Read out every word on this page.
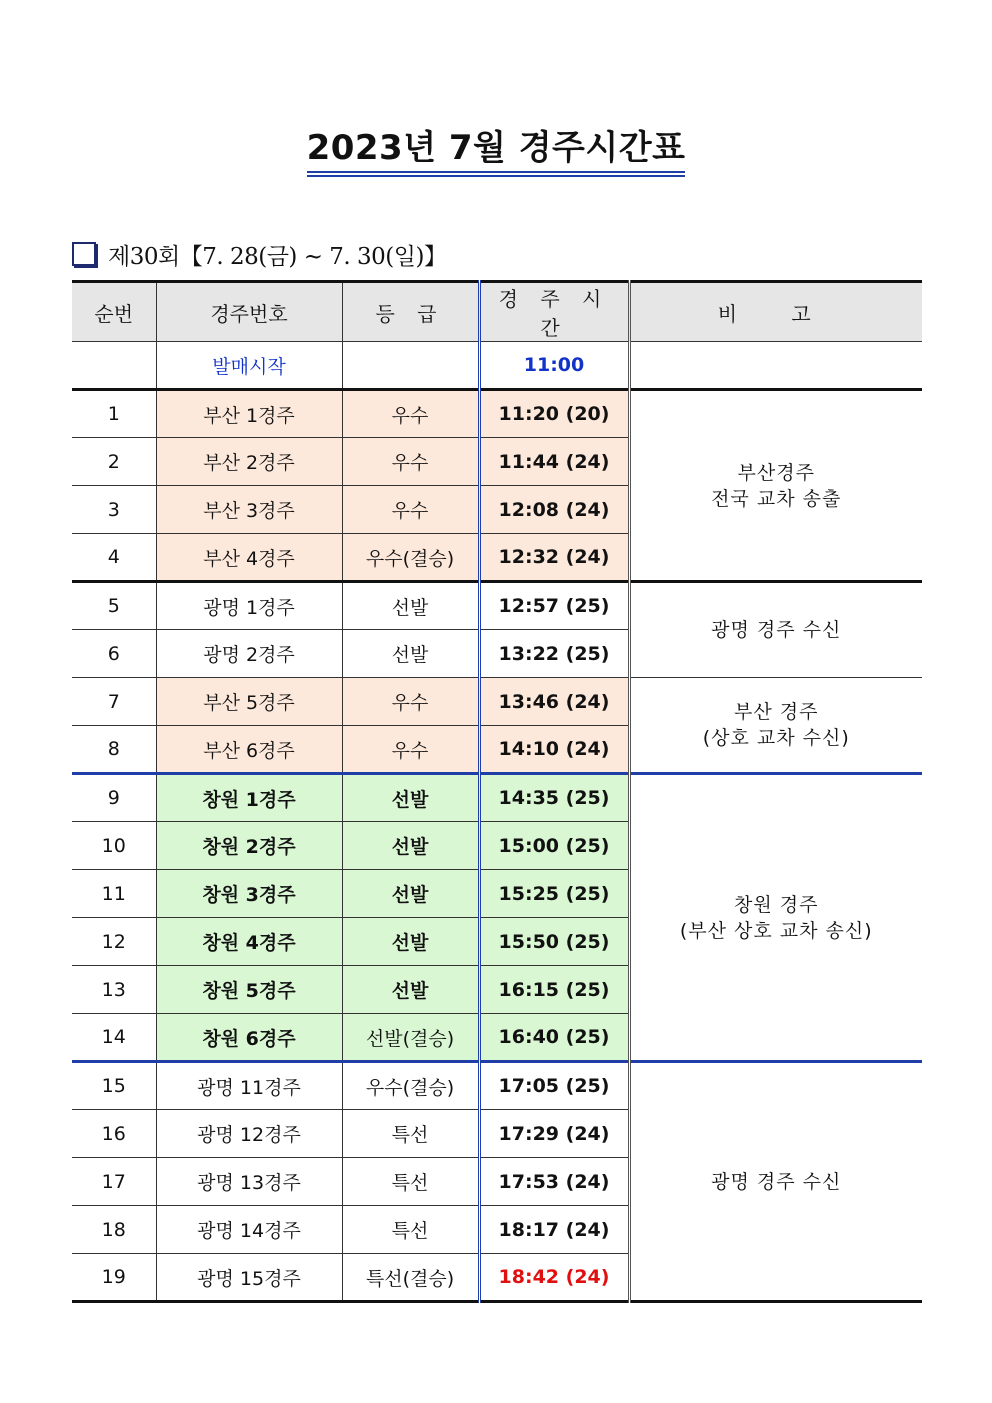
2023년 7월 경주시간표
제30회【7. 28(금) ~ 7. 30(일)】
순번	경주번호	등 급	경 주 시 간	비 고
	발매시작		11:00	
1	부산 1경주	우수	11:20 (20)	부산경주
전국 교차 송출
2	부산 2경주	우수	11:44 (24)	
3	부산 3경주	우수	12:08 (24)	
4	부산 4경주	우수(결승)	12:32 (24)	
5	광명 1경주	선발	12:57 (25)	광명 경주 수신
6	광명 2경주	선발	13:22 (25)	
7	부산 5경주	우수	13:46 (24)	부산 경주
(상호 교차 수신)
8	부산 6경주	우수	14:10 (24)	
9	창원 1경주	선발	14:35 (25)	창원 경주
(부산 상호 교차 송신)
10	창원 2경주	선발	15:00 (25)	
11	창원 3경주	선발	15:25 (25)	
12	창원 4경주	선발	15:50 (25)	
13	창원 5경주	선발	16:15 (25)	
14	창원 6경주	선발(결승)	16:40 (25)	
15	광명 11경주	우수(결승)	17:05 (25)	광명 경주 수신
16	광명 12경주	특선	17:29 (24)	
17	광명 13경주	특선	17:53 (24)	
18	광명 14경주	특선	18:17 (24)	
19	광명 15경주	특선(결승)	18:42 (24)	
